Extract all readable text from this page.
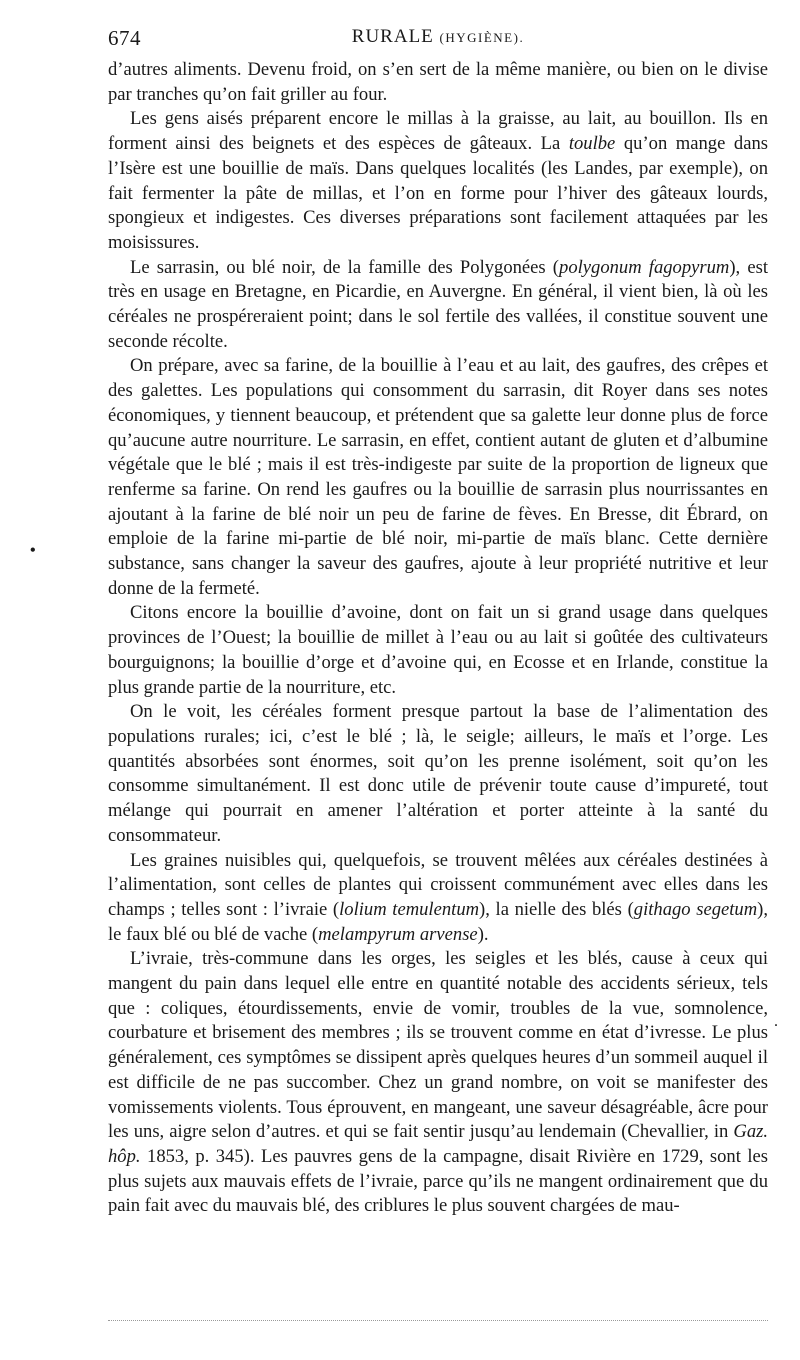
674	RURALE (HYGIÈNE).

d’autres aliments. Devenu froid, on s’en sert de la même manière, ou bien on le divise par tranches qu’on fait griller au four.

Les gens aisés préparent encore le millas à la graisse, au lait, au bouillon. Ils en forment ainsi des beignets et des espèces de gâteaux. La toulbe qu’on mange dans l’Isère est une bouillie de maïs. Dans quelques localités (les Landes, par exemple), on fait fermenter la pâte de millas, et l’on en forme pour l’hiver des gâteaux lourds, spongieux et indigestes. Ces diverses préparations sont facilement attaquées par les moisissures.

Le sarrasin, ou blé noir, de la famille des Polygonées (polygonum fagopyrum), est très en usage en Bretagne, en Picardie, en Auvergne. En général, il vient bien, là où les céréales ne prospéreraient point; dans le sol fertile des vallées, il constitue souvent une seconde récolte.

On prépare, avec sa farine, de la bouillie à l’eau et au lait, des gaufres, des crêpes et des galettes. Les populations qui consomment du sarrasin, dit Royer dans ses notes économiques, y tiennent beaucoup, et prétendent que sa galette leur donne plus de force qu’aucune autre nourriture. Le sarrasin, en effet, contient autant de gluten et d’albumine végétale que le blé ; mais il est très-indigeste par suite de la proportion de ligneux que renferme sa farine. On rend les gaufres ou la bouillie de sarrasin plus nourrissantes en ajoutant à la farine de blé noir un peu de farine de fèves. En Bresse, dit Ébrard, on emploie de la farine mi-partie de blé noir, mi-partie de maïs blanc. Cette dernière substance, sans changer la saveur des gaufres, ajoute à leur propriété nutritive et leur donne de la fermeté.

Citons encore la bouillie d’avoine, dont on fait un si grand usage dans quelques provinces de l’Ouest; la bouillie de millet à l’eau ou au lait si goûtée des cultivateurs bourguignons; la bouillie d’orge et d’avoine qui, en Ecosse et en Irlande, constitue la plus grande partie de la nourriture, etc.

On le voit, les céréales forment presque partout la base de l’alimentation des populations rurales; ici, c’est le blé ; là, le seigle; ailleurs, le maïs et l’orge. Les quantités absorbées sont énormes, soit qu’on les prenne isolément, soit qu’on les consomme simultanément. Il est donc utile de prévenir toute cause d’impureté, tout mélange qui pourrait en amener l’altération et porter atteinte à la santé du consommateur.

Les graines nuisibles qui, quelquefois, se trouvent mêlées aux céréales destinées à l’alimentation, sont celles de plantes qui croissent communément avec elles dans les champs ; telles sont : l’ivraie (lolium temulentum), la nielle des blés (githago segetum), le faux blé ou blé de vache (melampyrum arvense).

L’ivraie, très-commune dans les orges, les seigles et les blés, cause à ceux qui mangent du pain dans lequel elle entre en quantité notable des accidents sérieux, tels que : coliques, étourdissements, envie de vomir, troubles de la vue, somnolence, courbature et brisement des membres ; ils se trouvent comme en état d’ivresse. Le plus généralement, ces symptômes se dissipent après quelques heures d’un sommeil auquel il est difficile de ne pas succomber. Chez un grand nombre, on voit se manifester des vomissements violents. Tous éprouvent, en mangeant, une saveur désagréable, âcre pour les uns, aigre selon d’autres. et qui se fait sentir jusqu’au lendemain (Chevallier, in Gaz. hôp. 1853, p. 345). Les pauvres gens de la campagne, disait Rivière en 1729, sont les plus sujets aux mauvais effets de l’ivraie, parce qu’ils ne mangent ordinairement que du pain fait avec du mauvais blé, des criblures le plus souvent chargées de mau-

•
·
